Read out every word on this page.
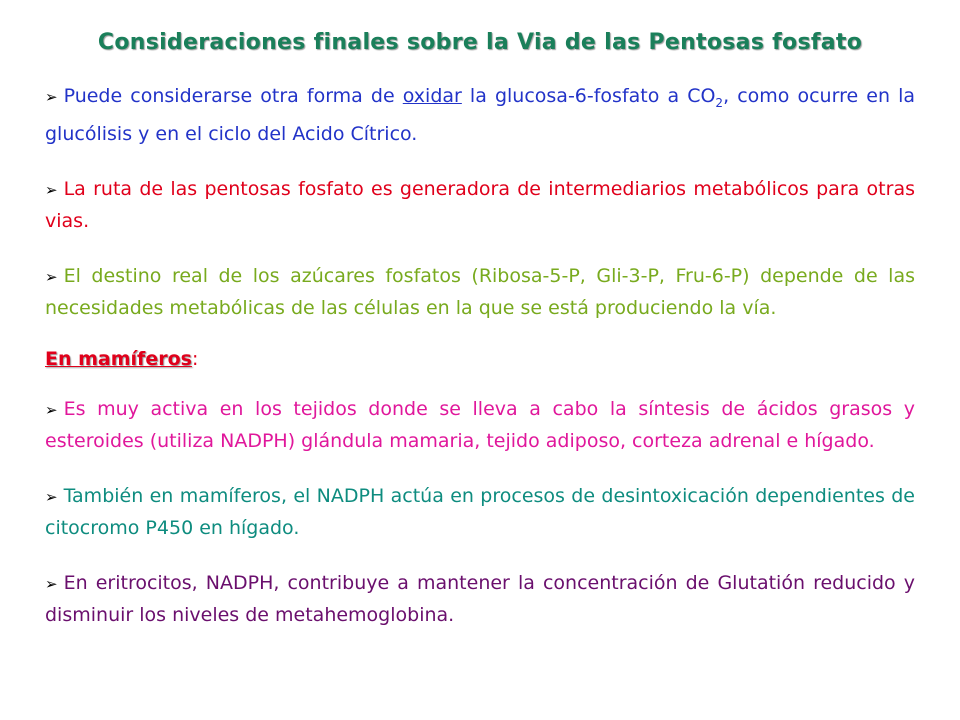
Consideraciones finales sobre la Via de las Pentosas fosfato

➢ Puede considerarse otra forma de oxidar la glucosa-6-fosfato a $CO_2$, como ocurre en la glucólisis y en el ciclo del Acido Cítrico.

➢ La ruta de las pentosas fosfato es generadora de intermediarios metabólicos para otras vias.

➢ El destino real de los azúcares fosfatos (Ribosa-5-P, Gli-3-P, Fru-6-P) depende de las necesidades metabólicas de las células en la que se está produciendo la vía.

En mamíferos:

➢ Es muy activa en los tejidos donde se lleva a cabo la síntesis de ácidos grasos y esteroides (utiliza NADPH) glándula mamaria, tejido adiposo, corteza adrenal e hígado.

➢ También en mamíferos, el NADPH actúa en procesos de desintoxicación dependientes de citocromo P450 en hígado.

➢ En eritrocitos, NADPH, contribuye a mantener la concentración de Glutatión reducido y disminuir los niveles de metahemoglobina.
